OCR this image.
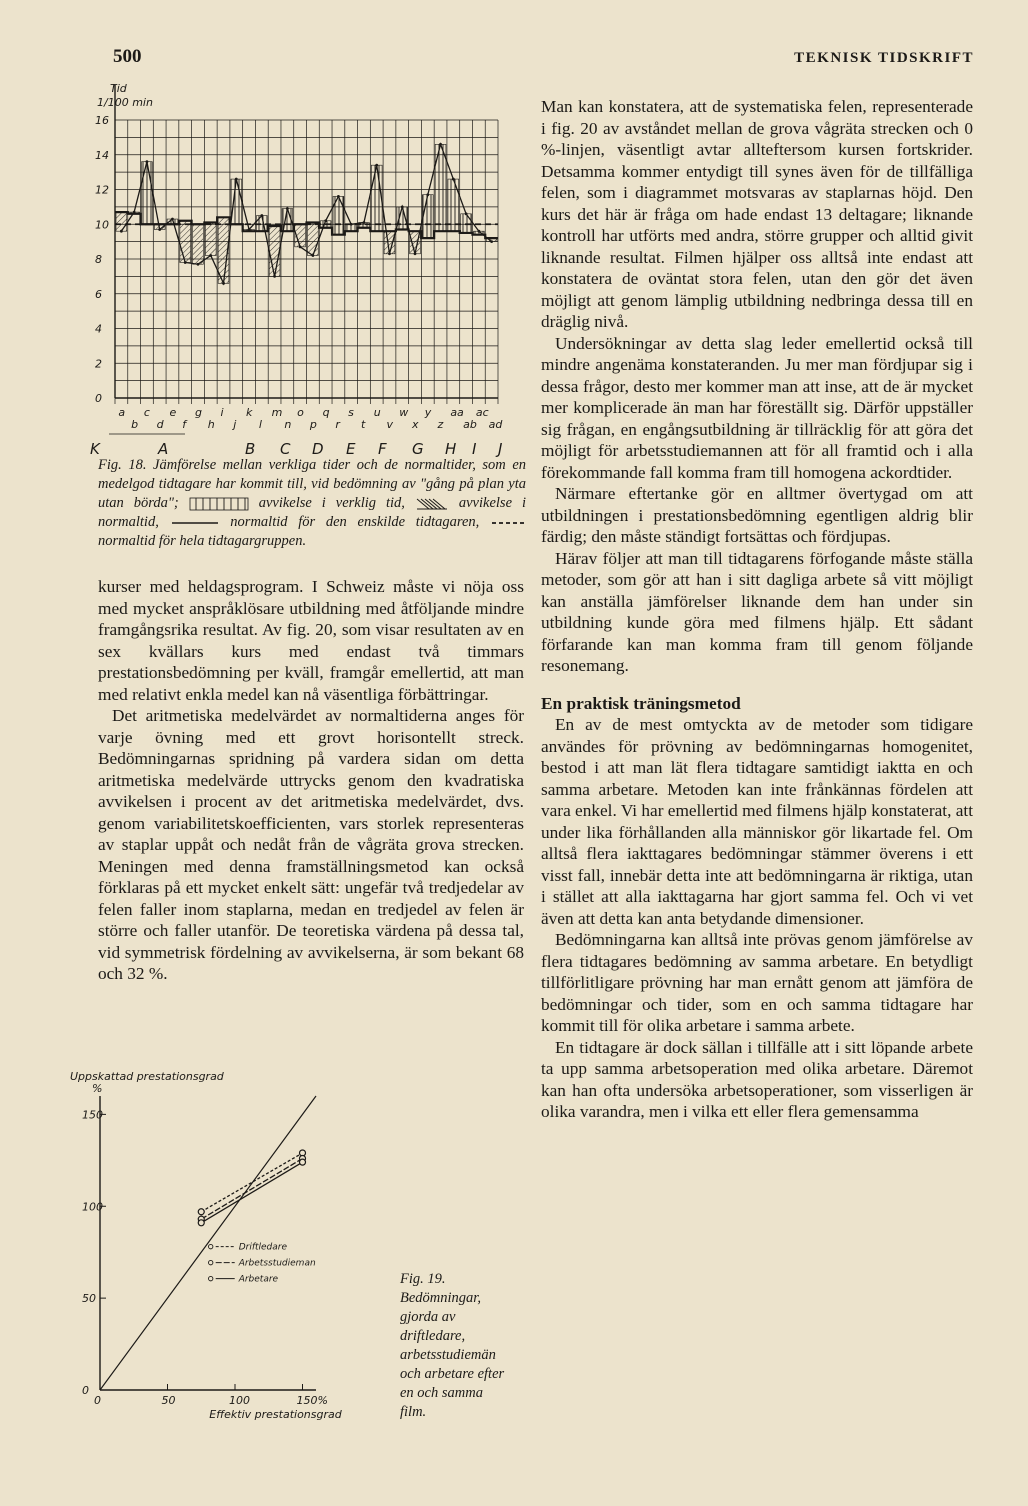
500	TEKNISK TIDSKRIFT
0
2
4
6
8
10
12
14
16
Tid
1/100 min
a c e g i k m o q s u w y aa ac
b d f h j l n p r t v x z ab ad
A	B C D E F G H I J
K
Fig. 18. Jämförelse mellan verkliga tider och de normaltider, som en medelgod tidtagare har kommit till, vid bedömning av "gång på plan yta utan börda";	avvikelse i verklig tid,	avvikelse i normaltid,	normaltid för den enskilde tidtagaren,  normaltid för hela tidtagargruppen.

kurser med heldagsprogram. I Schweiz måste vi nöja oss med mycket anspråklösare utbildning med åtföljande mindre framgångsrika resultat. Av fig. 20, som visar resultaten av en sex kvällars kurs med endast två timmars prestationsbedömning per kväll, framgår emellertid, att man med relativt enkla medel kan nå väsentliga förbättringar.

Det aritmetiska medelvärdet av normaltiderna anges för varje övning med ett grovt horisontellt streck. Bedömningarnas spridning på vardera sidan om detta aritmetiska medelvärde uttrycks genom den kvadratiska avvikelsen i procent av det aritmetiska medelvärdet, dvs. genom variabilitetskoefficienten, vars storlek representeras av staplar uppåt och nedåt från de vågräta grova strecken. Meningen med denna framställningsmetod kan också förklaras på ett mycket enkelt sätt: ungefär två tredjedelar av felen faller inom staplarna, medan en tredjedel av felen är större och faller utanför. De teoretiska värdena på dessa tal, vid symmetrisk fördelning av avvikelserna, är som bekant 68 och 32 %.

Driftledare
Arbetsstudieman
Arbetare
0
50
100
150
0	50	100	150%
Uppskattad prestationsgrad
%
Effektiv prestationsgrad
Fig. 19. Bedömningar, gjorda av driftledare, arbetsstudiemän och arbetare efter en och samma film.

Man kan konstatera, att de systematiska felen, representerade i fig. 20 av avståndet mellan de grova vågräta strecken och 0 %-linjen, väsentligt avtar allteftersom kursen fortskrider. Detsamma kommer entydigt till synes även för de tillfälliga felen, som i diagrammet motsvaras av staplarnas höjd. Den kurs det här är fråga om hade endast 13 deltagare; liknande kontroll har utförts med andra, större grupper och alltid givit liknande resultat. Filmen hjälper oss alltså inte endast att konstatera de oväntat stora felen, utan den gör det även möjligt att genom lämplig utbildning nedbringa dessa till en dräglig nivå.

Undersökningar av detta slag leder emellertid också till mindre angenäma konstateranden. Ju mer man fördjupar sig i dessa frågor, desto mer kommer man att inse, att de är mycket mer komplicerade än man har föreställt sig. Därför uppställer sig frågan, en engångsutbildning är tillräcklig för att göra det möjligt för arbetsstudiemannen att för all framtid och i alla förekommande fall komma fram till homogena ackordtider.

Närmare eftertanke gör en alltmer övertygad om att utbildningen i prestationsbedömning egentligen aldrig blir färdig; den måste ständigt fortsättas och fördjupas.

Härav följer att man till tidtagarens förfogande måste ställa metoder, som gör att han i sitt dagliga arbete så vitt möjligt kan anställa jämförelser liknande dem han under sin utbildning kunde göra med filmens hjälp. Ett sådant förfarande kan man komma fram till genom följande resonemang.

En praktisk träningsmetod

En av de mest omtyckta av de metoder som tidigare användes för prövning av bedömningarnas homogenitet, bestod i att man lät flera tidtagare samtidigt iaktta en och samma arbetare. Metoden kan inte frånkännas fördelen att vara enkel. Vi har emellertid med filmens hjälp konstaterat, att under lika förhållanden alla människor gör likartade fel. Om alltså flera iakttagares bedömningar stämmer överens i ett visst fall, innebär detta inte att bedömningarna är riktiga, utan i stället att alla iakttagarna har gjort samma fel. Och vi vet även att detta kan anta betydande dimensioner.

Bedömningarna kan alltså inte prövas genom jämförelse av flera tidtagares bedömning av samma arbetare. En betydligt tillförlitligare prövning har man ernått genom att jämföra de bedömningar och tider, som en och samma tidtagare har kommit till för olika arbetare i samma arbete.

En tidtagare är dock sällan i tillfälle att i sitt löpande arbete ta upp samma arbetsoperation med olika arbetare. Däremot kan han ofta undersöka arbetsoperationer, som visserligen är olika varandra, men i vilka ett eller flera gemensamma
